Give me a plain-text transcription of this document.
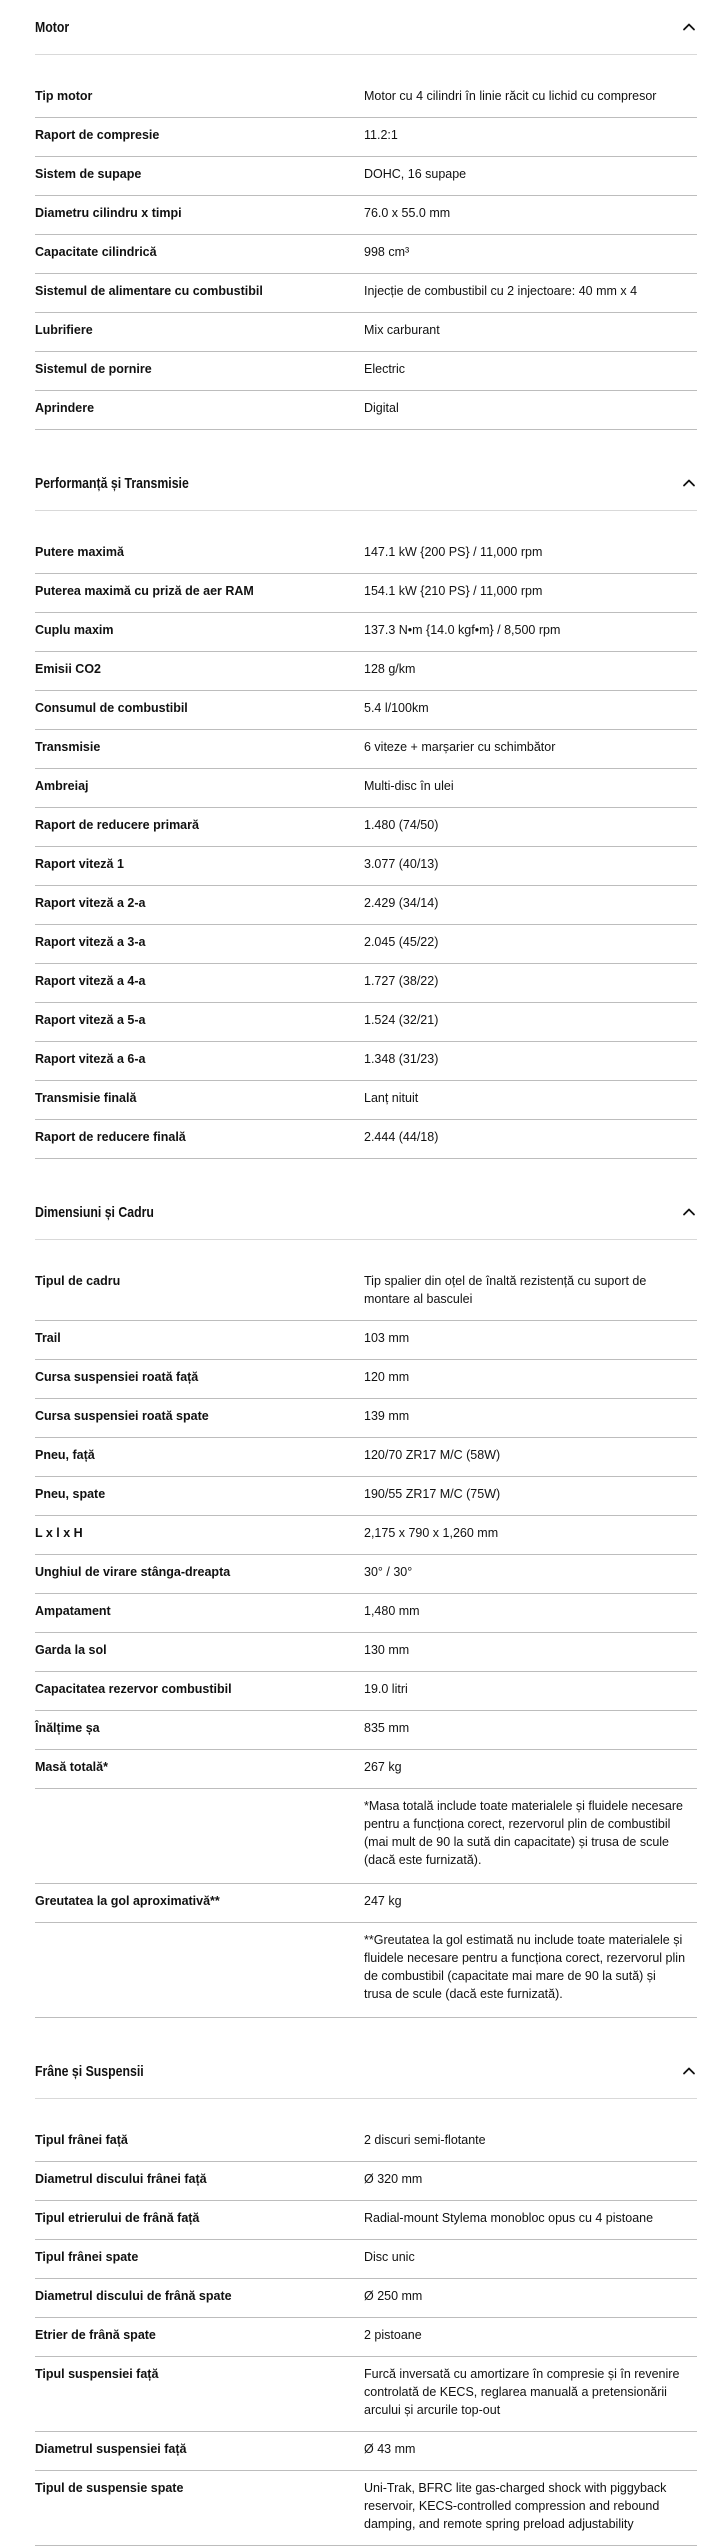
Motor
Tip motor	Motor cu 4 cilindri în linie răcit cu lichid cu compresor
Raport de compresie	11.2:1
Sistem de supape	DOHC, 16 supape
Diametru cilindru x timpi	76.0 x 55.0 mm
Capacitate cilindrică	998 cm³
Sistemul de alimentare cu combustibil	Injecție de combustibil cu 2 injectoare: 40 mm x 4
Lubrifiere	Mix carburant
Sistemul de pornire	Electric
Aprindere	Digital
Performanță și Transmisie
Putere maximă	147.1 kW {200 PS} / 11,000 rpm
Puterea maximă cu priză de aer RAM	154.1 kW {210 PS} / 11,000 rpm
Cuplu maxim	137.3 N•m {14.0 kgf•m} / 8,500 rpm
Emisii CO2	128 g/km
Consumul de combustibil	5.4 l/100km
Transmisie	6 viteze + marșarier cu schimbător
Ambreiaj	Multi-disc în ulei
Raport de reducere primară	1.480 (74/50)
Raport viteză 1	3.077 (40/13)
Raport viteză a 2-a	2.429 (34/14)
Raport viteză a 3-a	2.045 (45/22)
Raport viteză a 4-a	1.727 (38/22)
Raport viteză a 5-a	1.524 (32/21)
Raport viteză a 6-a	1.348 (31/23)
Transmisie finală	Lanț nituit
Raport de reducere finală	2.444 (44/18)
Dimensiuni și Cadru
Tipul de cadru	Tip spalier din oțel de înaltă rezistență cu suport de montare al basculei
Trail	103 mm
Cursa suspensiei roată față	120 mm
Cursa suspensiei roată spate	139 mm
Pneu, față	120/70 ZR17 M/C (58W)
Pneu, spate	190/55 ZR17 M/C (75W)
L x l x H	2,175 x 790 x 1,260 mm
Unghiul de virare stânga-dreapta	30° / 30°
Ampatament	1,480 mm
Garda la sol	130 mm
Capacitatea rezervor combustibil	19.0 litri
Înălțime șa	835 mm
Masă totală*	267 kg
*Masa totală include toate materialele și fluidele necesare pentru a funcționa corect, rezervorul plin de combustibil (mai mult de 90 la sută din capacitate) și trusa de scule (dacă este furnizată).
Greutatea la gol aproximativă**	247 kg
**Greutatea la gol estimată nu include toate materialele și fluidele necesare pentru a funcționa corect, rezervorul plin de combustibil (capacitate mai mare de 90 la sută) și trusa de scule (dacă este furnizată).
Frâne și Suspensii
Tipul frânei față	2 discuri semi-flotante
Diametrul discului frânei față	Ø 320 mm
Tipul etrierului de frână față	Radial-mount Stylema monobloc opus cu 4 pistoane
Tipul frânei spate	Disc unic
Diametrul discului de frână spate	Ø 250 mm
Etrier de frână spate	2 pistoane
Tipul suspensiei față	Furcă inversată cu amortizare în compresie și în revenire controlată de KECS, reglarea manuală a pretensionării arcului și arcurile top-out
Diametrul suspensiei față	Ø 43 mm
Tipul de suspensie spate	Uni-Trak, BFRC lite gas-charged shock with piggyback reservoir, KECS-controlled compression and rebound damping, and remote spring preload adjustability
